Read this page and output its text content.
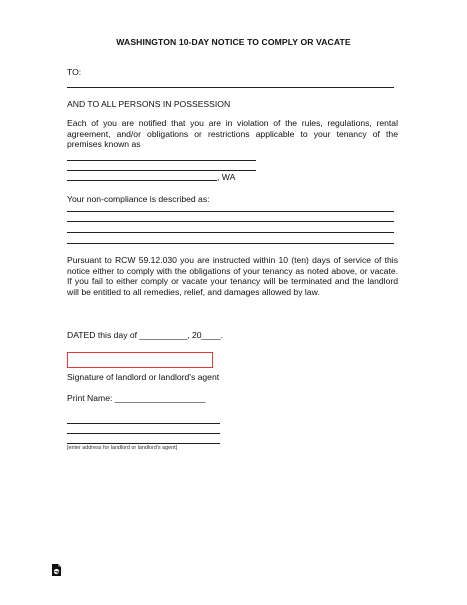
WASHINGTON 10-DAY NOTICE TO COMPLY OR VACATE
TO:
AND TO ALL PERSONS IN POSSESSION
Each of you are notified that you are in violation of the rules, regulations, rental agreement, and/or obligations or restrictions applicable to your tenancy of the premises known as
, WA
Your non-compliance is described as:
Pursuant to RCW 59.12.030 you are instructed within 10 (ten) days of service of this notice either to comply with the obligations of your tenancy as noted above, or vacate. If you fail to either comply or vacate your tenancy will be terminated and the landlord will be entitled to all remedies, relief, and damages allowed by law.
DATED this day of __________, 20____.
Signature of landlord or landlord's agent
Print Name: ___________________
[enter address for landlord or landlord's agent]
